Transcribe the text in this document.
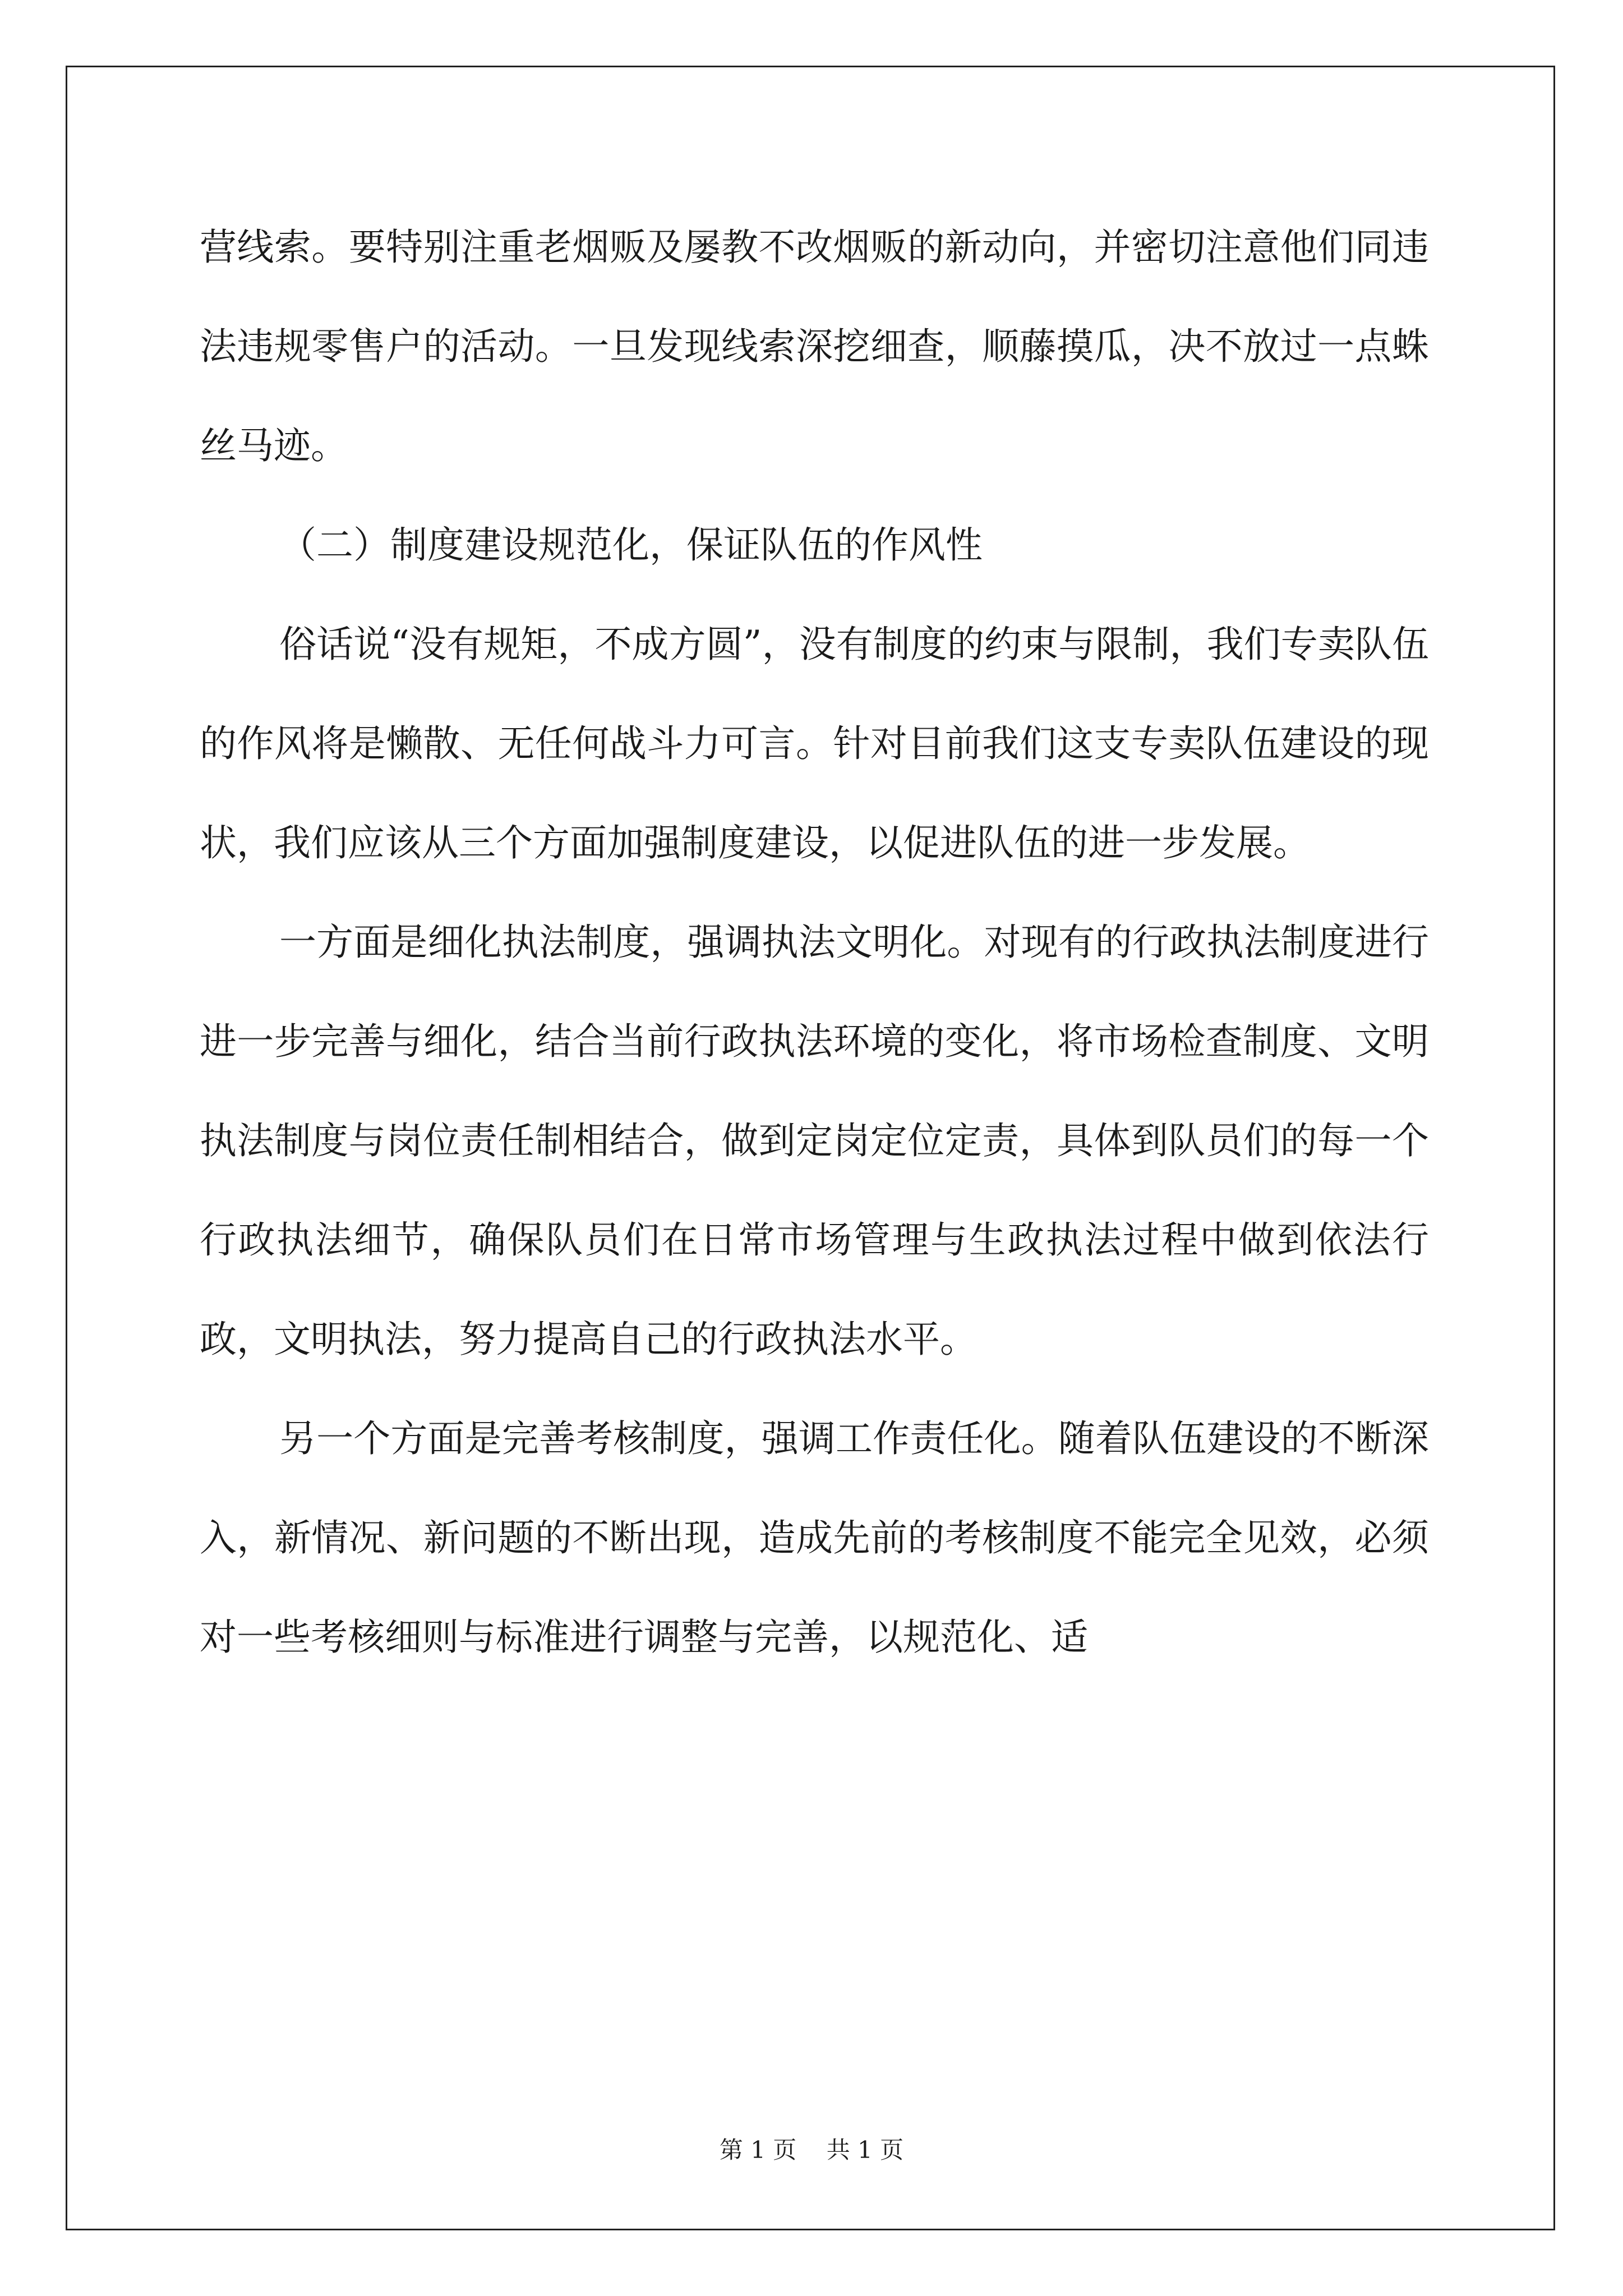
营线索。要特别注重老烟贩及屡教不改烟贩的新动向，并密切注意他们同违法违规零售户的活动。一旦发现线索深挖细查，顺藤摸瓜，决不放过一点蛛丝马迹。

（二）制度建设规范化，保证队伍的作风性

俗话说“没有规矩，不成方圆”，没有制度的约束与限制，我们专卖队伍的作风将是懒散、无任何战斗力可言。针对目前我们这支专卖队伍建设的现状，我们应该从三个方面加强制度建设，以促进队伍的进一步发展。

一方面是细化执法制度，强调执法文明化。对现有的行政执法制度进行进一步完善与细化，结合当前行政执法环境的变化，将市场检查制度、文明执法制度与岗位责任制相结合，做到定岗定位定责，具体到队员们的每一个行政执法细节，确保队员们在日常市场管理与生政执法过程中做到依法行政，文明执法，努力提高自己的行政执法水平。

另一个方面是完善考核制度，强调工作责任化。随着队伍建设的不断深入，新情况、新问题的不断出现，造成先前的考核制度不能完全见效，必须对一些考核细则与标准进行调整与完善，以规范化、适

第 1 页    共 1 页
